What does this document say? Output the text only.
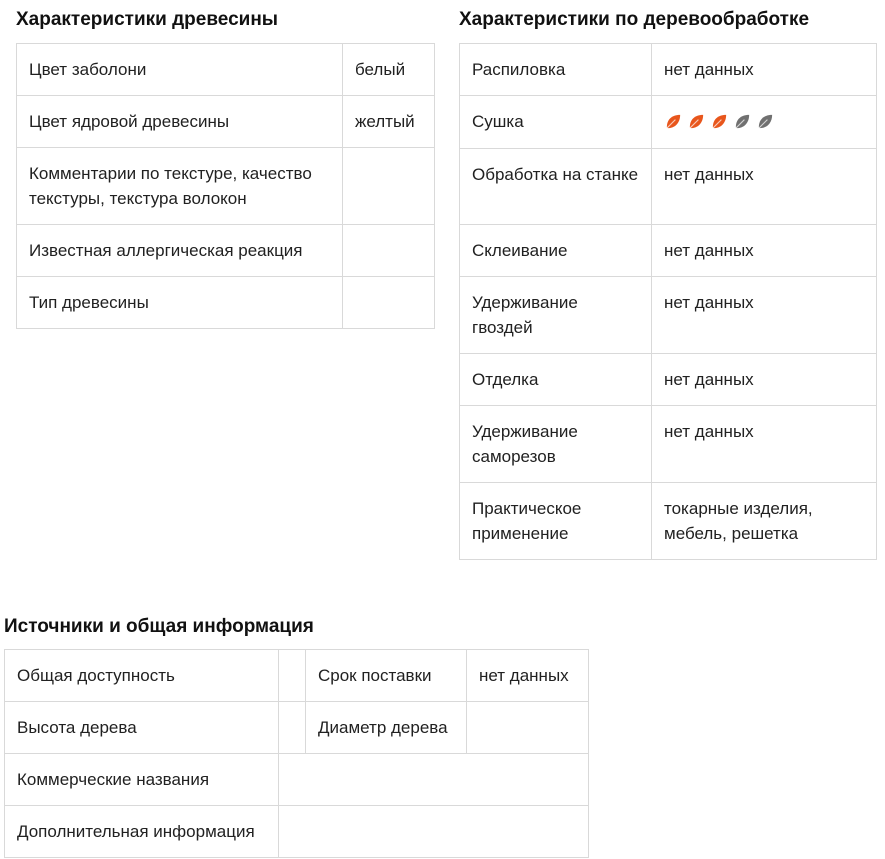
Характеристики древесины
Цвет заболони	белый
Цвет ядровой древесины	желтый
Комментарии по текстуре, качество текстуры, текстура волокон	
Известная аллергическая реакция	
Тип древесины	
Характеристики по деревообработке
Распиловка	нет данных
Сушка	

Обработка на станке	нет данных
Склеивание	нет данных
Удерживание гвоздей	нет данных
Отделка	нет данных
Удерживание саморезов	нет данных
Практическое применение	токарные изделия, мебель, решетка
Источники и общая информация
Общая доступность		Срок поставки	нет данных
Высота дерева		Диаметр дерева	
Коммерческие названия			
Дополнительная информация			
